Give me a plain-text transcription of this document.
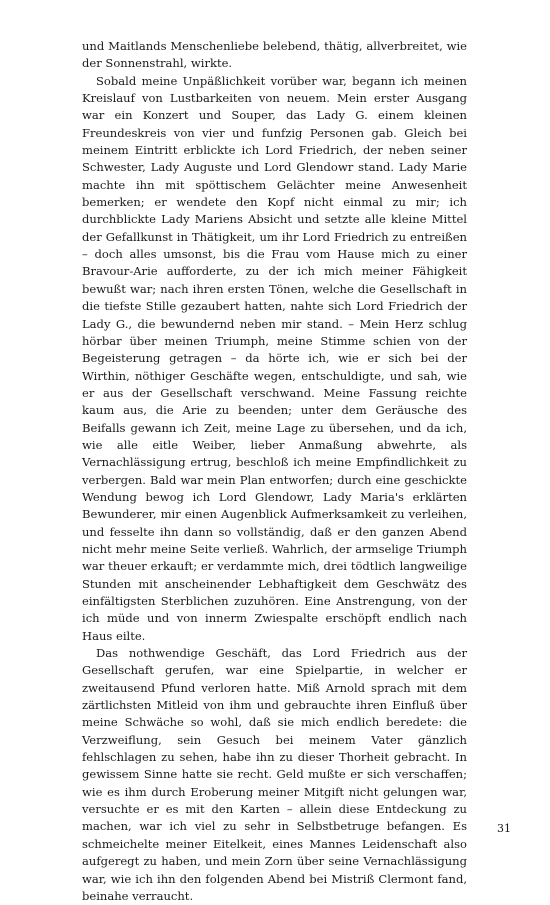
und Maitlands Menschenliebe belebend, thätig, allverbreitet, wie der Sonnenstrahl, wirkte.

Sobald meine Unpäßlichkeit vorüber war, begann ich meinen Kreislauf von Lustbarkeiten von neuem. Mein erster Ausgang war ein Konzert und Souper, das Lady G. einem kleinen Freundeskreis von vier und funfzig Personen gab. Gleich bei meinem Eintritt erblickte ich Lord Friedrich, der neben seiner Schwester, Lady Auguste und Lord Glendowr stand. Lady Marie machte ihn mit spöttischem Gelächter meine Anwesenheit bemerken; er wendete den Kopf nicht einmal zu mir; ich durchblickte Lady Mariens Absicht und setzte alle kleine Mittel der Gefallkunst in Thätigkeit, um ihr Lord Friedrich zu entreißen – doch alles umsonst, bis die Frau vom Hause mich zu einer Bravour-Arie aufforderte, zu der ich mich meiner Fähigkeit bewußt war; nach ihren ersten Tönen, welche die Gesellschaft in die tiefste Stille gezaubert hatten, nahte sich Lord Friedrich der Lady G., die bewundernd neben mir stand. – Mein Herz schlug hörbar über meinen Triumph, meine Stimme schien von der Begeisterung getragen – da hörte ich, wie er sich bei der Wirthin, nöthiger Geschäfte wegen, entschuldigte, und sah, wie er aus der Gesellschaft verschwand. Meine Fassung reichte kaum aus, die Arie zu beenden; unter dem Geräusche des Beifalls gewann ich Zeit, meine Lage zu übersehen, und da ich, wie alle eitle Weiber, lieber Anmaßung abwehrte, als Vernachlässigung ertrug, beschloß ich meine Empfindlichkeit zu verbergen. Bald war mein Plan entworfen; durch eine geschickte Wendung bewog ich Lord Glendowr, Lady Maria's erklärten Bewunderer, mir einen Augenblick Aufmerksamkeit zu verleihen, und fesselte ihn dann so vollständig, daß er den ganzen Abend nicht mehr meine Seite verließ. Wahrlich, der armselige Triumph war theuer erkauft; er verdammte mich, drei tödtlich langweilige Stunden mit anscheinender Lebhaftigkeit dem Geschwätz des einfältigsten Sterblichen zuzuhören. Eine Anstrengung, von der ich müde und von innerm Zwiespalte erschöpft endlich nach Haus eilte.

Das nothwendige Geschäft, das Lord Friedrich aus der Gesellschaft gerufen, war eine Spielpartie, in welcher er zweitausend Pfund verloren hatte. Miß Arnold sprach mit dem zärtlichsten Mitleid von ihm und gebrauchte ihren Einfluß über meine Schwäche so wohl, daß sie mich endlich beredete: die Verzweiflung, sein Gesuch bei meinem Vater gänzlich fehlschlagen zu sehen, habe ihn zu dieser Thorheit gebracht. In gewissem Sinne hatte sie recht. Geld mußte er sich verschaffen; wie es ihm durch Eroberung meiner Mitgift nicht gelungen war, versuchte er es mit den Karten – allein diese Entdeckung zu machen, war ich viel zu sehr in Selbstbetruge befangen. Es schmeichelte meiner Eitelkeit, eines Mannes Leidenschaft also aufgeregt zu haben, und mein Zorn über seine Vernachlässigung war, wie ich ihn den folgenden Abend bei Mistriß Clermont fand, beinahe verraucht.

31
